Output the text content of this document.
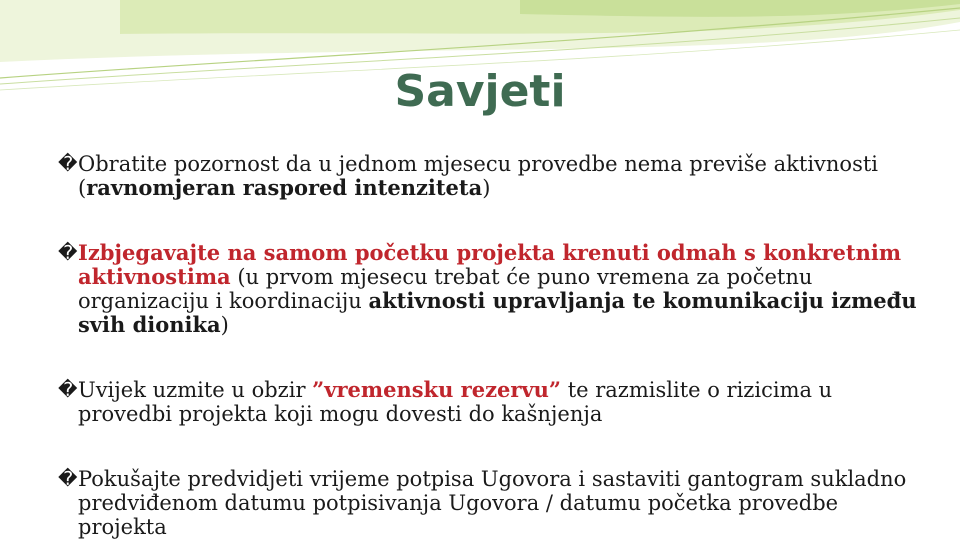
Savjeti
� Obratite pozornost da u jednom mjesecu provedbe nema previše aktivnosti (ravnomjeran raspored intenziteta)
� Izbjegavajte na samom početku projekta krenuti odmah s konkretnim aktivnostima (u prvom mjesecu trebat će puno vremena za početnu organizaciju i koordinaciju aktivnosti upravljanja te komunikaciju između svih dionika)
� Uvijek uzmite u obzir ”vremensku rezervu” te razmislite o rizicima u provedbi projekta koji mogu dovesti do kašnjenja
� Pokušajte predvidjeti vrijeme potpisa Ugovora i sastaviti gantogram sukladno predviđenom datumu potpisivanja Ugovora / datumu početka provedbe projekta
